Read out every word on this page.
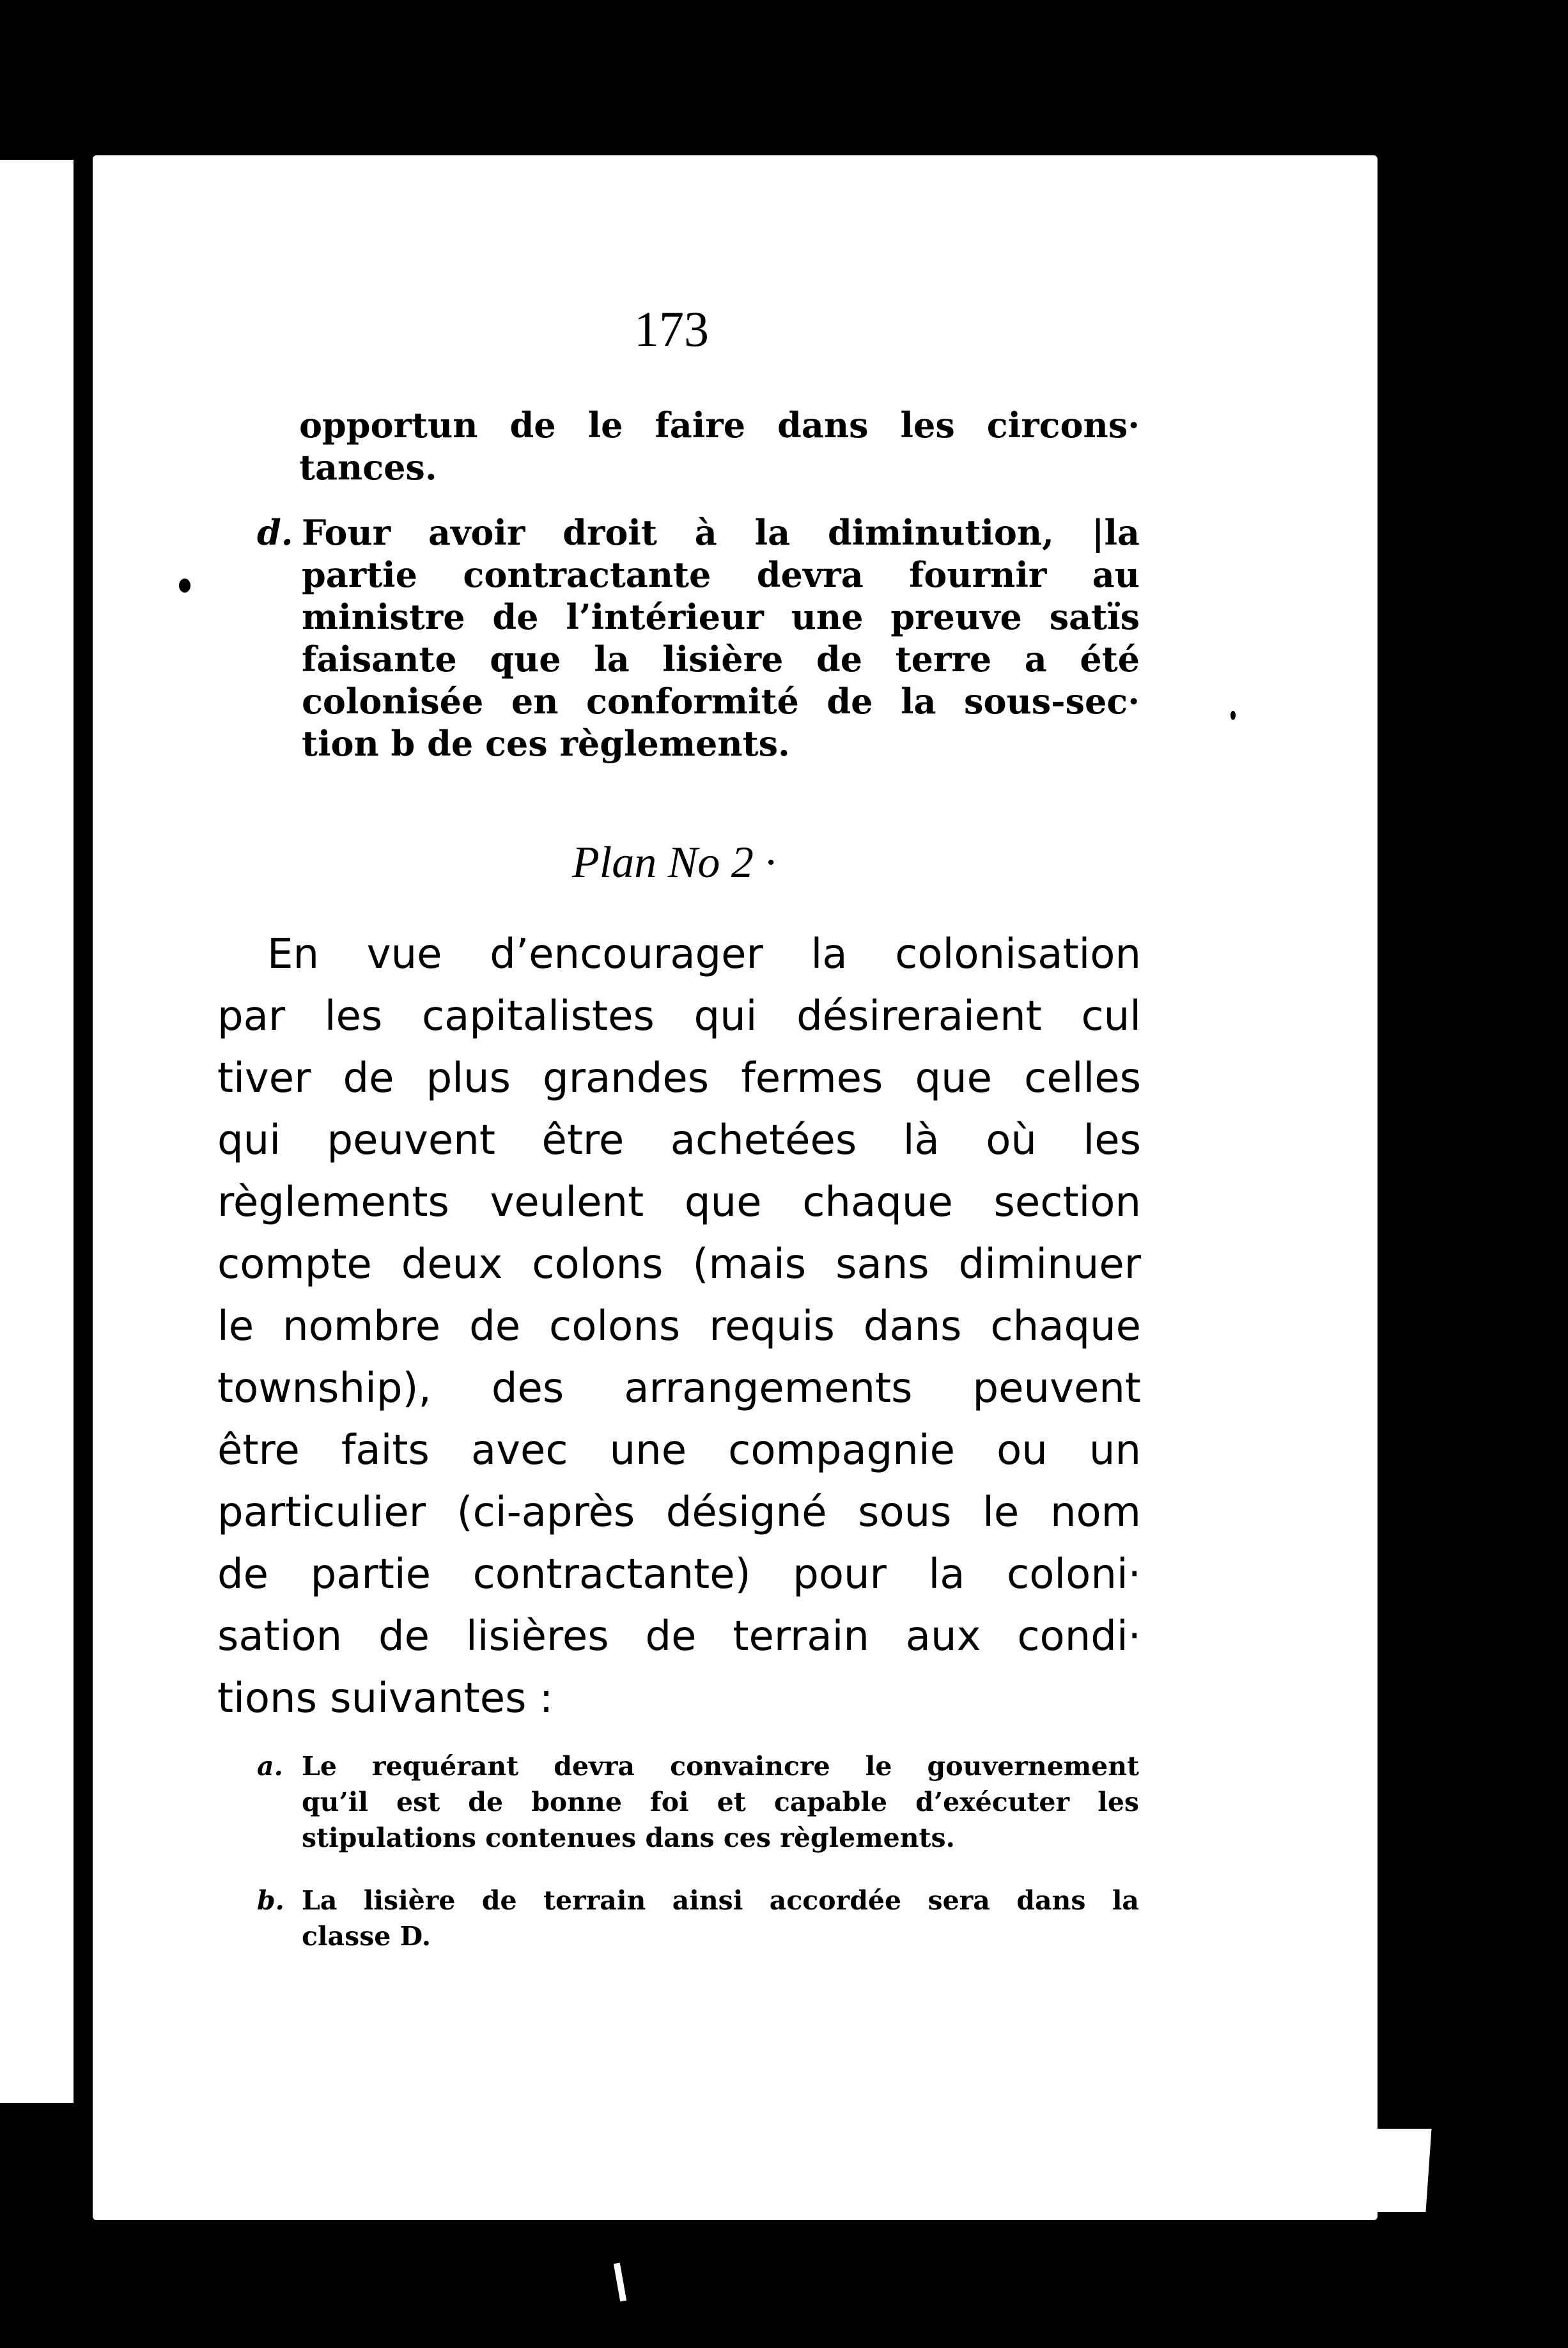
173
opportun de le faire dans les circons·
tances.
d. Four avoir droit à la diminution, |la
partie contractante devra fournir au
ministre de l’intérieur une preuve satïs
faisante que la lisière de terre a été
colonisée en conformité de la sous-sec·
tion b de ces règlements.
Plan No 2 ·
En vue d’encourager la colonisation
par les capitalistes qui désireraient cul
tiver de plus grandes fermes que celles
qui peuvent être achetées là où les
règlements veulent que chaque section
compte deux colons (mais sans diminuer
le nombre de colons requis dans chaque
township), des arrangements peuvent
être faits avec une compagnie ou un
particulier (ci-après désigné sous le nom
de partie contractante) pour la coloni·
sation de lisières de terrain aux condi·
tions suivantes :
a. Le requérant devra convaincre le gouvernement
qu’il est de bonne foi et capable d’exécuter les
stipulations contenues dans ces règlements.
b. La lisière de terrain ainsi accordée sera dans la
classe D.
